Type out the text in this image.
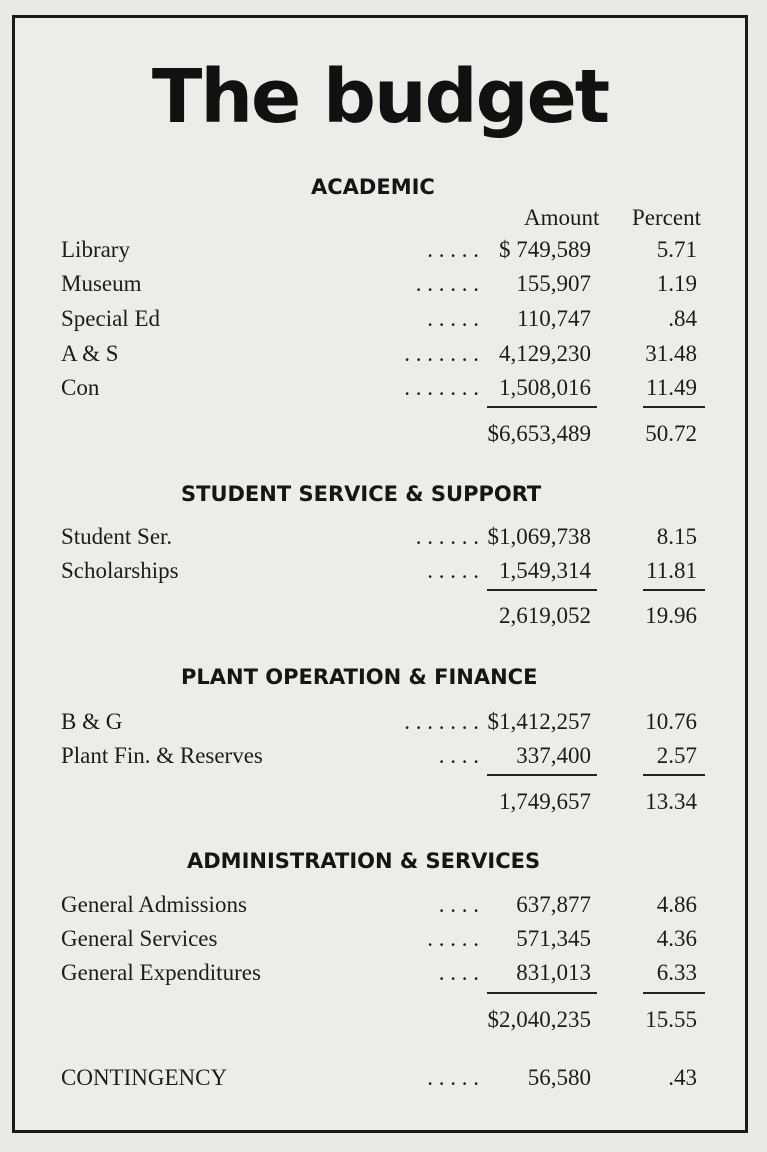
The budget
ACADEMIC
Amount Percent
Library	. . . . . $ 749,589	5.71
Museum	. . . . . . 155,907	1.19
Special Ed	. . . . . 110,747	.84
A & S	. . . . . . . 4,129,230 31.48
Con	. . . . . . . 1,508,016 11.49
$6,653,489 50.72
STUDENT SERVICE & SUPPORT
Student Ser.	. . . . . . $1,069,738	8.15
Scholarships	. . . . . 1,549,314 11.81
2,619,052 19.96
PLANT OPERATION & FINANCE
B & G	. . . . . . . $1,412,257 10.76
Plant Fin. & Reserves	. . . . 337,400	2.57
1,749,657 13.34
ADMINISTRATION & SERVICES
General Admissions	. . . . 637,877	4.86
General Services	. . . . . 571,345	4.36
General Expenditures	. . . . 831,013	6.33
$2,040,235 15.55
CONTINGENCY	. . . . . 56,580	.43
